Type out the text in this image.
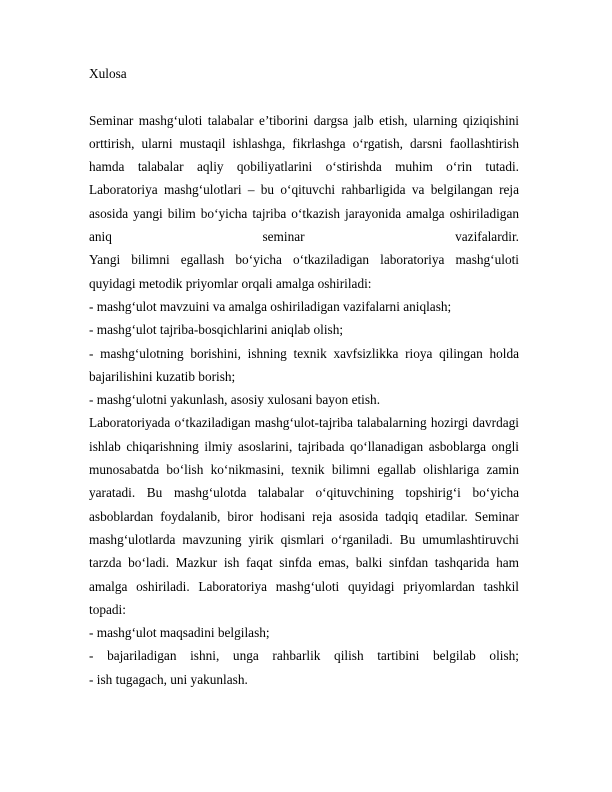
Xulosa

Seminar mashg‘uloti talabalar e’tiborini dargsa jalb etish, ularning qiziqishini orttirish, ularni mustaqil ishlashga, fikrlashga o‘rgatish, darsni faollashtirish hamda talabalar aqliy qobiliyatlarini o‘stirishda muhim o‘rin tutadi. Laboratoriya mashg‘ulotlari – bu o‘qituvchi rahbarligida va belgilangan reja asosida yangi bilim bo‘yicha tajriba o‘tkazish jarayonida amalga oshiriladigan aniq seminar vazifalardir.

Yangi bilimni egallash bo‘yicha o‘tkaziladigan laboratoriya mashg‘uloti

quyidagi metodik priyomlar orqali amalga oshiriladi:

- mashg‘ulot mavzuini va amalga oshiriladigan vazifalarni aniqlash;

- mashg‘ulot tajriba-bosqichlarini aniqlab olish;

- mashg‘ulotning borishini, ishning texnik xavfsizlikka rioya qilingan holda bajarilishini kuzatib borish;

- mashg‘ulotni yakunlash, asosiy xulosani bayon etish.

Laboratoriyada o‘tkaziladigan mashg‘ulot-tajriba talabalarning hozirgi davrdagi ishlab chiqarishning ilmiy asoslarini, tajribada qo‘llanadigan asboblarga ongli munosabatda bo‘lish ko‘nikmasini, texnik bilimni egallab olishlariga zamin yaratadi. Bu mashg‘ulotda talabalar o‘qituvchining topshirig‘i bo‘yicha asboblardan foydalanib, biror hodisani reja asosida tadqiq etadilar. Seminar mashg‘ulotlarda mavzuning yirik qismlari o‘rganiladi. Bu umumlashtiruvchi tarzda bo‘ladi. Mazkur ish faqat sinfda emas, balki sinfdan tashqarida ham amalga oshiriladi. Laboratoriya mashg‘uloti quyidagi priyomlardan tashkil topadi:

- mashg‘ulot maqsadini belgilash;

- bajariladigan ishni, unga rahbarlik qilish tartibini belgilab olish;

- ish tugagach, uni yakunlash.
